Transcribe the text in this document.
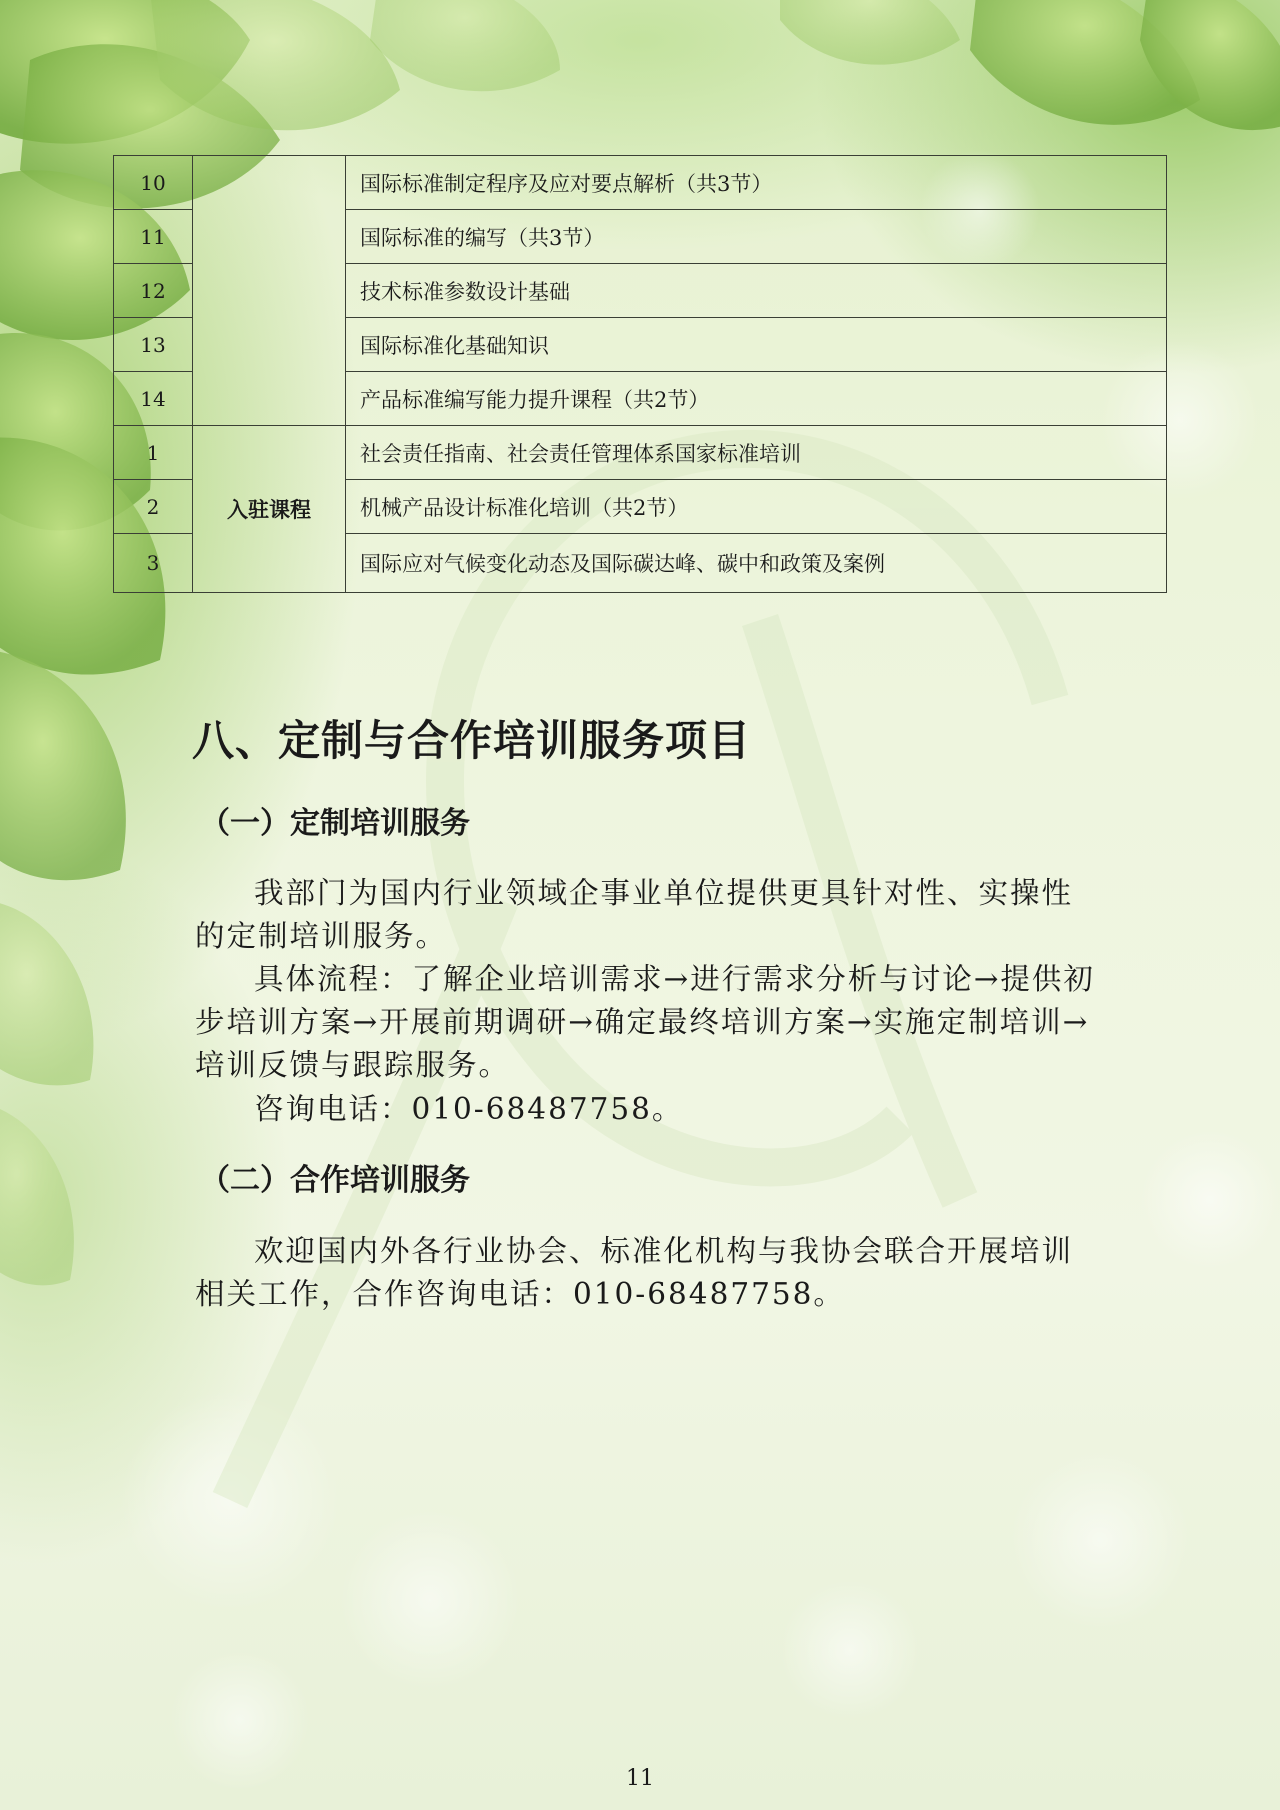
10		国际标准制定程序及应对要点解析（共3节）
11		国际标准的编写（共3节）
12		技术标准参数设计基础
13		国际标准化基础知识
14		产品标准编写能力提升课程（共2节）
1	入驻课程	社会责任指南、社会责任管理体系国家标准培训
2		机械产品设计标准化培训（共2节）
3		国际应对气候变化动态及国际碳达峰、碳中和政策及案例
八、定制与合作培训服务项目
（一）定制培训服务

我部门为国内行业领域企事业单位提供更具针对性、实操性的定制培训服务。

具体流程：了解企业培训需求→进行需求分析与讨论→提供初步培训方案→开展前期调研→确定最终培训方案→实施定制培训→培训反馈与跟踪服务。

咨询电话：010-68487758。

（二）合作培训服务

欢迎国内外各行业协会、标准化机构与我协会联合开展培训相关工作，合作咨询电话：010-68487758。

11
